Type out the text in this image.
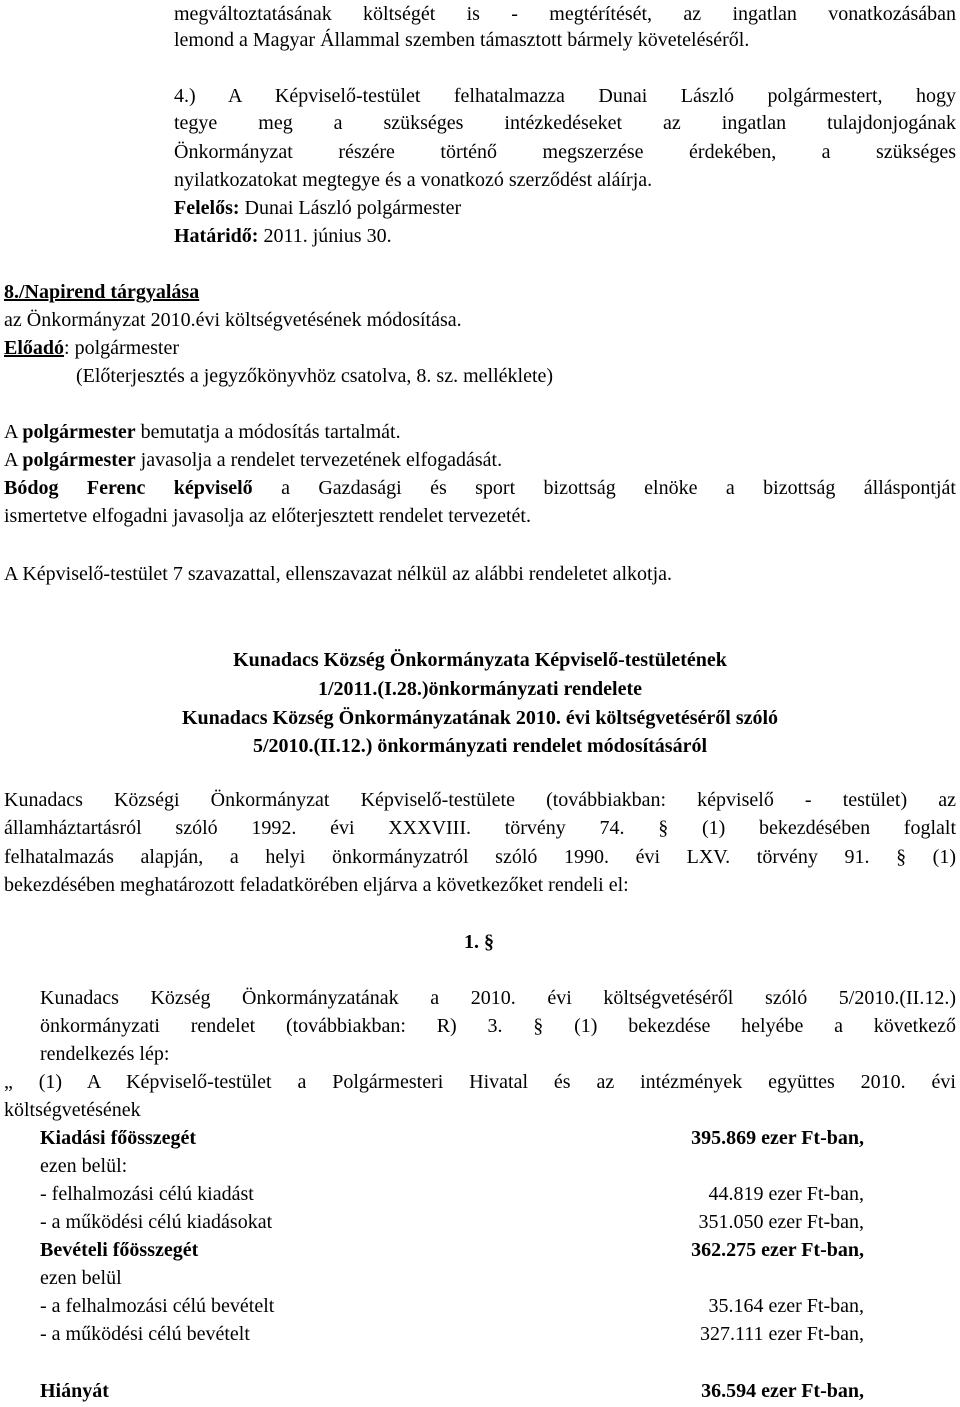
megváltoztatásának költségét is - megtérítését, az ingatlan vonatkozásában
lemond a Magyar Állammal szemben támasztott bármely követeléséről.
4.) A Képviselő-testület felhatalmazza Dunai László polgármestert, hogy
tegye meg a szükséges intézkedéseket az ingatlan tulajdonjogának
Önkormányzat részére történő megszerzése érdekében, a szükséges
nyilatkozatokat megtegye és a vonatkozó szerződést aláírja.
Felelős: Dunai László polgármester
Határidő: 2011. június 30.
8./Napirend tárgyalása
az Önkormányzat 2010.évi költségvetésének módosítása.
Előadó: polgármester
(Előterjesztés a jegyzőkönyvhöz csatolva, 8. sz. melléklete)
A polgármester bemutatja a módosítás tartalmát.
A polgármester javasolja a rendelet tervezetének elfogadását.
Bódog Ferenc képviselő a Gazdasági és sport bizottság elnöke a bizottság álláspontját
ismertetve elfogadni javasolja az előterjesztett rendelet tervezetét.
A Képviselő-testület 7 szavazattal, ellenszavazat nélkül az alábbi rendeletet alkotja.
Kunadacs Község Önkormányzata Képviselő-testületének
1/2011.(I.28.)önkormányzati rendelete
Kunadacs Község Önkormányzatának 2010. évi költségvetéséről szóló
5/2010.(II.12.) önkormányzati rendelet módosításáról
Kunadacs Községi Önkormányzat Képviselő-testülete (továbbiakban: képviselő - testület) az
államháztartásról szóló 1992. évi XXXVIII. törvény 74. § (1) bekezdésében foglalt
felhatalmazás alapján, a helyi önkormányzatról szóló 1990. évi LXV. törvény 91. § (1)
bekezdésében meghatározott feladatkörében eljárva a következőket rendeli el:
1. §
Kunadacs Község Önkormányzatának a 2010. évi költségvetéséről szóló 5/2010.(II.12.)
önkormányzati rendelet (továbbiakban: R) 3. § (1) bekezdése helyébe a következő
rendelkezés lép:
„ (1) A Képviselő-testület a Polgármesteri Hivatal és az intézmények együttes 2010. évi
költségvetésének
Kiadási főösszegét	395.869 ezer Ft-ban,
ezen belül:
- felhalmozási célú kiadást	44.819 ezer Ft-ban,
- a működési célú kiadásokat	351.050 ezer Ft-ban,
Bevételi főösszegét	362.275 ezer Ft-ban,
ezen belül
- a felhalmozási célú bevételt	35.164 ezer Ft-ban,
- a működési célú bevételt	327.111 ezer Ft-ban,
Hiányát	36.594 ezer Ft-ban,
